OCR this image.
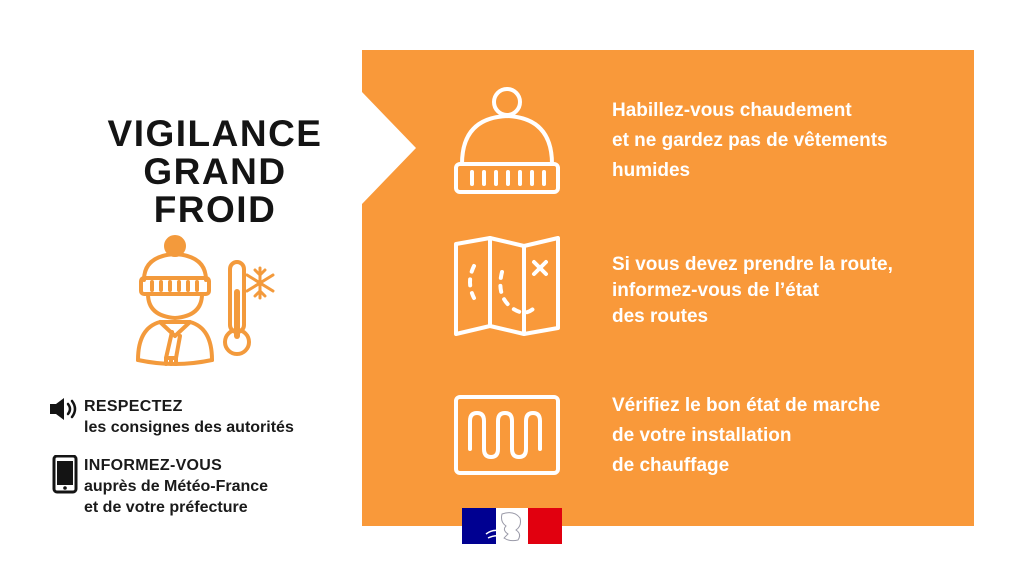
VIGILANCE
GRAND
FROID
RESPECTEZ
les consignes des autorités
INFORMEZ-VOUS
auprès de Météo-France
et de votre préfecture
Habillez-vous chaudement
et ne gardez pas de vêtements
humides
Si vous devez prendre la route,
informez-vous de l’état
des routes
Vérifiez le bon état de marche
de votre installation
de chauffage
